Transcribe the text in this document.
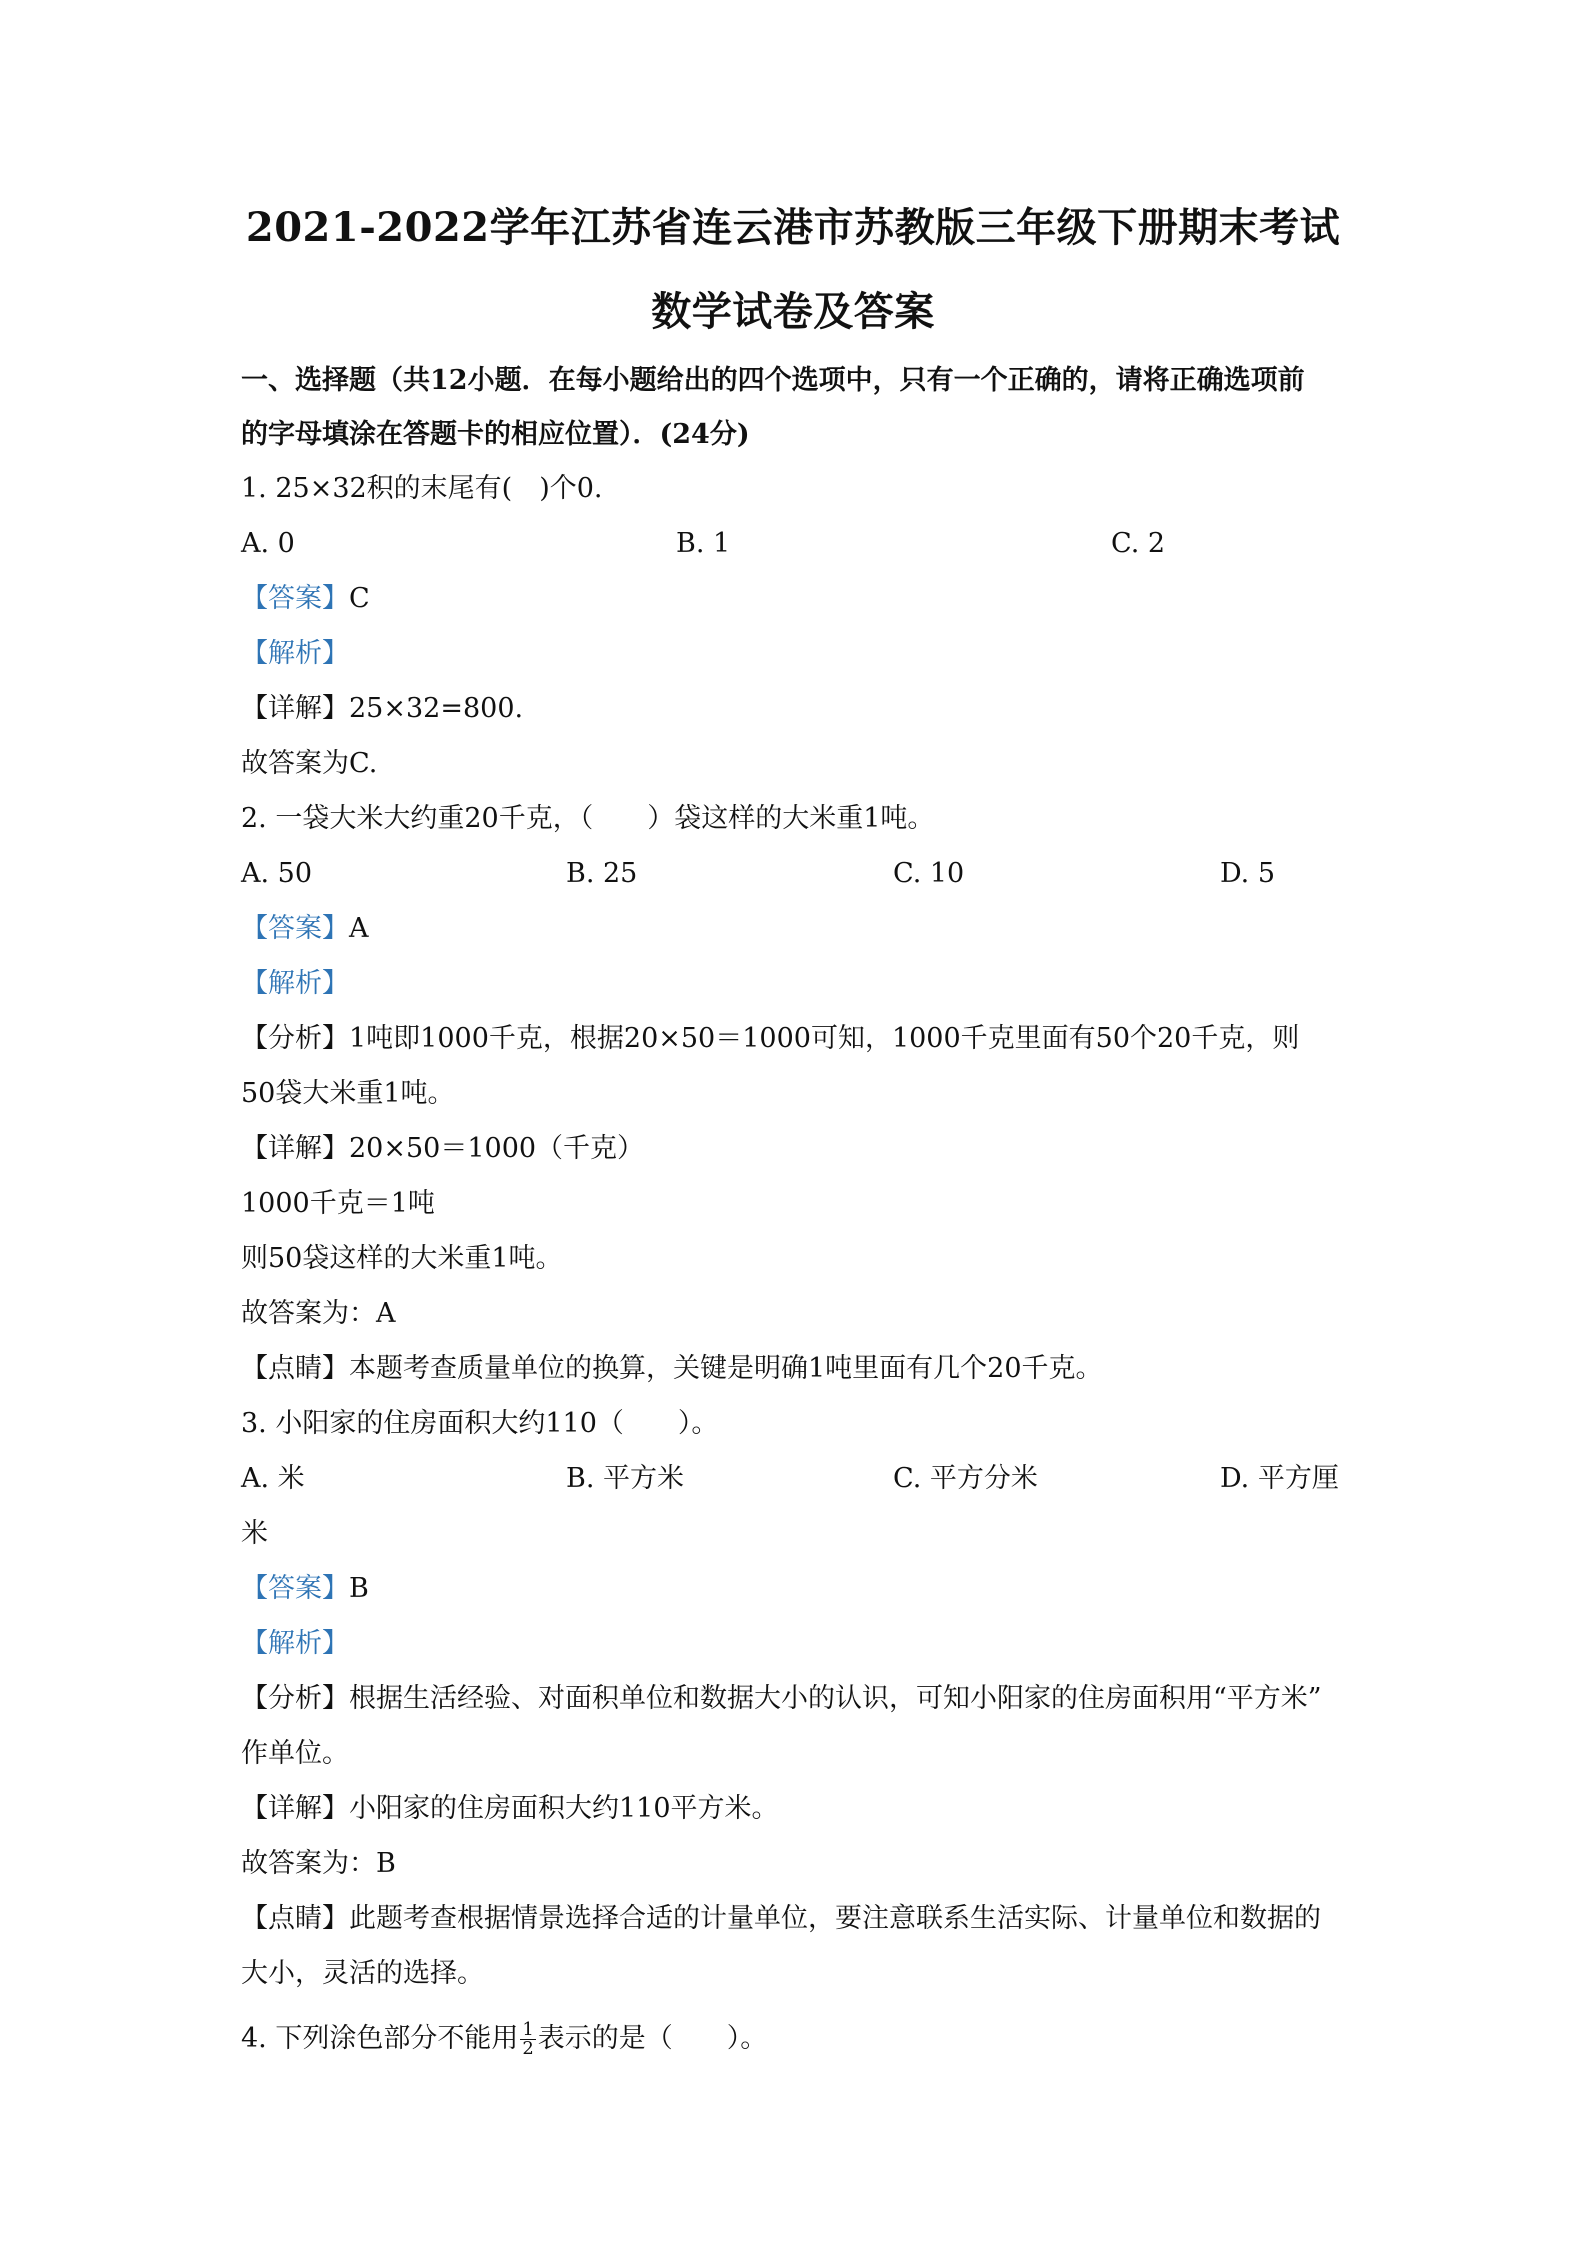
2021-2022学年江苏省连云港市苏教版三年级下册期末考试
数学试卷及答案
一、选择题（共12小题．在每小题给出的四个选项中，只有一个正确的，请将正确选项前
的字母填涂在答题卡的相应位置）．(24分)
1. 25×32积的末尾有(　)个0.
A. 0	B. 1	C. 2
【答案】C
【解析】
【详解】25×32=800.
故答案为C.
2. 一袋大米大约重20千克，（　　）袋这样的大米重1吨。
A. 50	B. 25	C. 10	D. 5
【答案】A
【解析】
【分析】1吨即1000千克，根据20×50＝1000可知，1000千克里面有50个20千克，则
50袋大米重1吨。
【详解】20×50＝1000（千克）
1000千克＝1吨
则50袋这样的大米重1吨。
故答案为：A
【点睛】本题考查质量单位的换算，关键是明确1吨里面有几个20千克。
3. 小阳家的住房面积大约110（　　）。
A. 米	B. 平方米	C. 平方分米	D. 平方厘
米
【答案】B
【解析】
【分析】根据生活经验、对面积单位和数据大小的认识，可知小阳家的住房面积用“平方米”
作单位。
【详解】小阳家的住房面积大约110平方米。
故答案为：B
【点睛】此题考查根据情景选择合适的计量单位，要注意联系生活实际、计量单位和数据的
大小，灵活的选择。
4. 下列涂色部分不能用 $\frac{1}{2}$ 表示的是（　　）。
